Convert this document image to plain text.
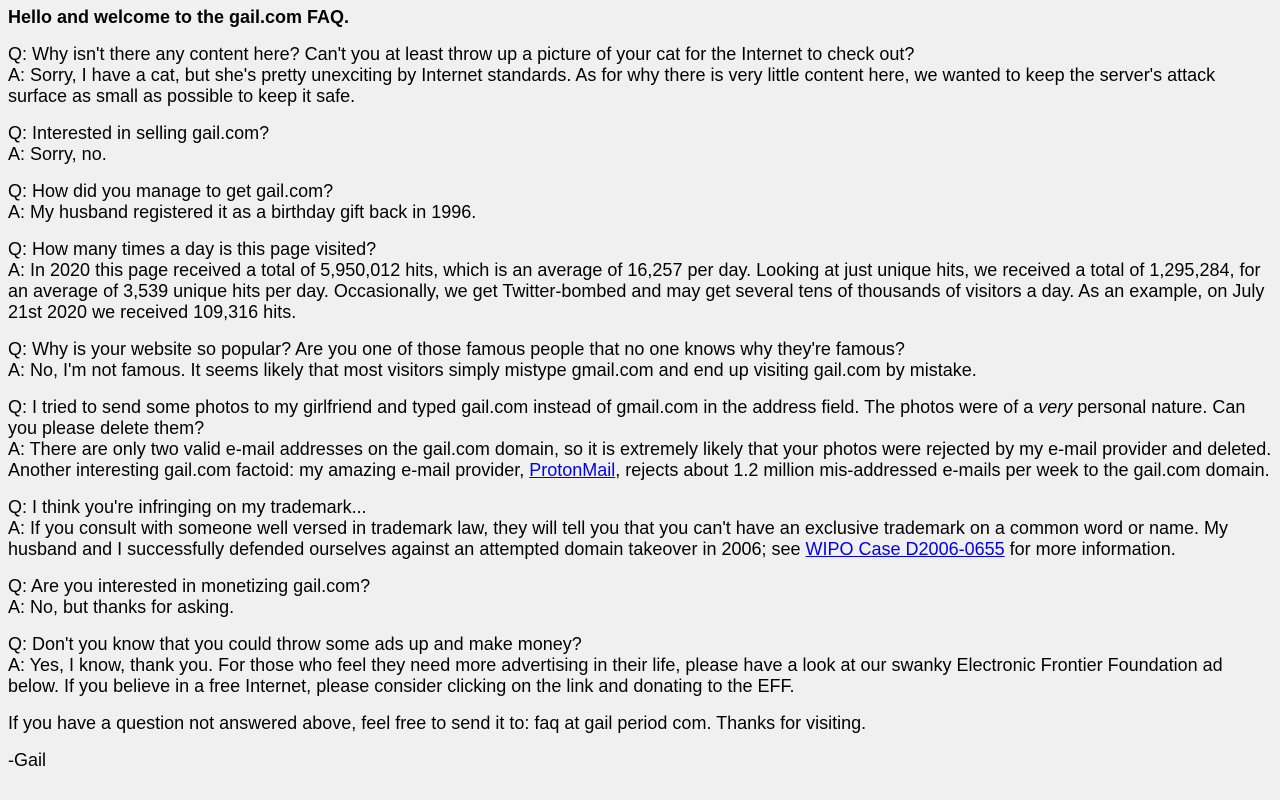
Hello and welcome to the gail.com FAQ.

Q: Why isn't there any content here? Can't you at least throw up a picture of your cat for the Internet to check out?
A: Sorry, I have a cat, but she's pretty unexciting by Internet standards. As for why there is very little content here, we wanted to keep the server's attack surface as small as possible to keep it safe.

Q: Interested in selling gail.com?
A: Sorry, no.

Q: How did you manage to get gail.com?
A: My husband registered it as a birthday gift back in 1996.

Q: How many times a day is this page visited?
A: In 2020 this page received a total of 5,950,012 hits, which is an average of 16,257 per day. Looking at just unique hits, we received a total of 1,295,284, for an average of 3,539 unique hits per day. Occasionally, we get Twitter-bombed and may get several tens of thousands of visitors a day. As an example, on July 21st 2020 we received 109,316 hits.

Q: Why is your website so popular? Are you one of those famous people that no one knows why they're famous?
A: No, I'm not famous. It seems likely that most visitors simply mistype gmail.com and end up visiting gail.com by mistake.

Q: I tried to send some photos to my girlfriend and typed gail.com instead of gmail.com in the address field. The photos were of a very personal nature. Can you please delete them?
A: There are only two valid e-mail addresses on the gail.com domain, so it is extremely likely that your photos were rejected by my e-mail provider and deleted. Another interesting gail.com factoid: my amazing e-mail provider, ProtonMail, rejects about 1.2 million mis-addressed e-mails per week to the gail.com domain.

Q: I think you're infringing on my trademark...
A: If you consult with someone well versed in trademark law, they will tell you that you can't have an exclusive trademark on a common word or name. My husband and I successfully defended ourselves against an attempted domain takeover in 2006; see WIPO Case D2006-0655 for more information.

Q: Are you interested in monetizing gail.com?
A: No, but thanks for asking.

Q: Don't you know that you could throw some ads up and make money?
A: Yes, I know, thank you. For those who feel they need more advertising in their life, please have a look at our swanky Electronic Frontier Foundation ad below. If you believe in a free Internet, please consider clicking on the link and donating to the EFF.

If you have a question not answered above, feel free to send it to: faq at gail period com. Thanks for visiting.

-Gail
